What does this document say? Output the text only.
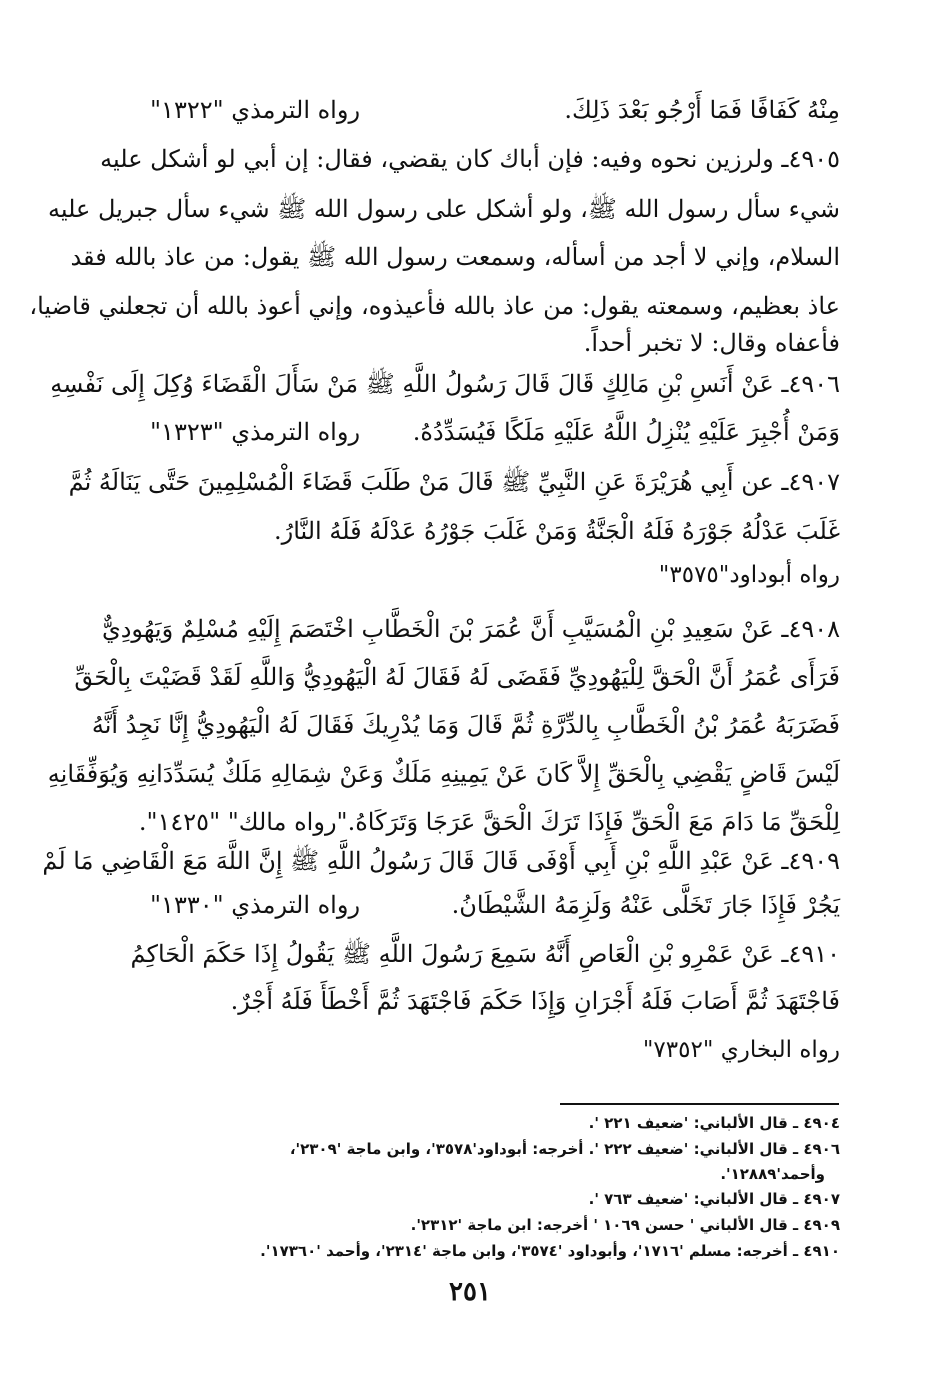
مِنْهُ كَفَافًا فَمَا أَرْجُو بَعْدَ ذَلِكَ.
رواه الترمذي "١٣٢٢"
٤٩٠٥ـ ولرزين نحوه وفيه: فإن أباك كان يقضي، فقال: إن أبي لو أشكل عليه
شيء سأل رسول الله ﷺ، ولو أشكل على رسول الله ﷺ شيء سأل جبريل عليه
السلام، وإني لا أجد من أسأله، وسمعت رسول الله ﷺ يقول: من عاذ بالله فقد
عاذ بعظيم، وسمعته يقول: من عاذ بالله فأعيذوه، وإني أعوذ بالله أن تجعلني قاضيا،
فأعفاه وقال: لا تخبر أحداً.
٤٩٠٦ـ عَنْ أَنَسِ بْنِ مَالِكٍ قَالَ قَالَ رَسُولُ اللَّهِ ﷺ مَنْ سَأَلَ الْقَضَاءَ وُكِلَ إِلَى نَفْسِهِ
وَمَنْ أُجْبِرَ عَلَيْهِ يُنْزِلُ اللَّهُ عَلَيْهِ مَلَكًا فَيُسَدِّدُهُ.
رواه الترمذي "١٣٢٣"
٤٩٠٧ـ عن أَبِي هُرَيْرَةَ عَنِ النَّبِيِّ ﷺ قَالَ مَنْ طَلَبَ قَضَاءَ الْمُسْلِمِينَ حَتَّى يَنَالَهُ ثُمَّ
غَلَبَ عَدْلُهُ جَوْرَهُ فَلَهُ الْجَنَّةُ وَمَنْ غَلَبَ جَوْرُهُ عَدْلَهُ فَلَهُ النَّارُ.
رواه أبوداود"٣٥٧٥"
٤٩٠٨ـ عَنْ سَعِيدِ بْنِ الْمُسَيَّبِ أَنَّ عُمَرَ بْنَ الْخَطَّابِ اخْتَصَمَ إِلَيْهِ مُسْلِمٌ وَيَهُودِيٌّ
فَرَأَى عُمَرُ أَنَّ الْحَقَّ لِلْيَهُودِيِّ فَقَضَى لَهُ فَقَالَ لَهُ الْيَهُودِيُّ وَاللَّهِ لَقَدْ قَضَيْتَ بِالْحَقِّ
فَضَرَبَهُ عُمَرُ بْنُ الْخَطَّابِ بِالدِّرَّةِ ثُمَّ قَالَ وَمَا يُدْرِيكَ فَقَالَ لَهُ الْيَهُودِيُّ إِنَّا نَجِدُ أَنَّهُ
لَيْسَ قَاضٍ يَقْضِي بِالْحَقِّ إِلاَّ كَانَ عَنْ يَمِينِهِ مَلَكٌ وَعَنْ شِمَالِهِ مَلَكٌ يُسَدِّدَانِهِ وَيُوَفِّقَانِهِ
لِلْحَقِّ مَا دَامَ مَعَ الْحَقِّ فَإِذَا تَرَكَ الْحَقَّ عَرَجَا وَتَرَكَاهُ.
"رواه مالك" "١٤٢٥".
٤٩٠٩ـ عَنْ عَبْدِ اللَّهِ بْنِ أَبِي أَوْفَى قَالَ قَالَ رَسُولُ اللَّهِ ﷺ إِنَّ اللَّهَ مَعَ الْقَاضِي مَا لَمْ
يَجُرْ فَإِذَا جَارَ تَخَلَّى عَنْهُ وَلَزِمَهُ الشَّيْطَانُ.
رواه الترمذي "١٣٣٠"
٤٩١٠ـ عَنْ عَمْرِو بْنِ الْعَاصِ أَنَّهُ سَمِعَ رَسُولَ اللَّهِ ﷺ يَقُولُ إِذَا حَكَمَ الْحَاكِمُ
فَاجْتَهَدَ ثُمَّ أَصَابَ فَلَهُ أَجْرَانِ وَإِذَا حَكَمَ فَاجْتَهَدَ ثُمَّ أَخْطَأَ فَلَهُ أَجْرٌ.
رواه البخاري "٧٣٥٢"
٤٩٠٤ ـ قال الألباني: 'ضعيف ٢٢١ '.
٤٩٠٦ ـ قال الألباني: 'ضعيف ٢٢٢ '. أخرجه: أبوداود'٣٥٧٨'، وابن ماجة '٢٣٠٩'،
وأحمد'١٢٨٨٩'.
٤٩٠٧ ـ قال الألباني: 'ضعيف ٧٦٣ '.
٤٩٠٩ ـ قال الألباني ' حسن ١٠٦٩ ' أخرجه: ابن ماجة '٢٣١٢'.
٤٩١٠ ـ أخرجه: مسلم '١٧١٦'، وأبوداود '٣٥٧٤'، وابن ماجة '٢٣١٤'، وأحمد '١٧٣٦٠'.
٢٥١
